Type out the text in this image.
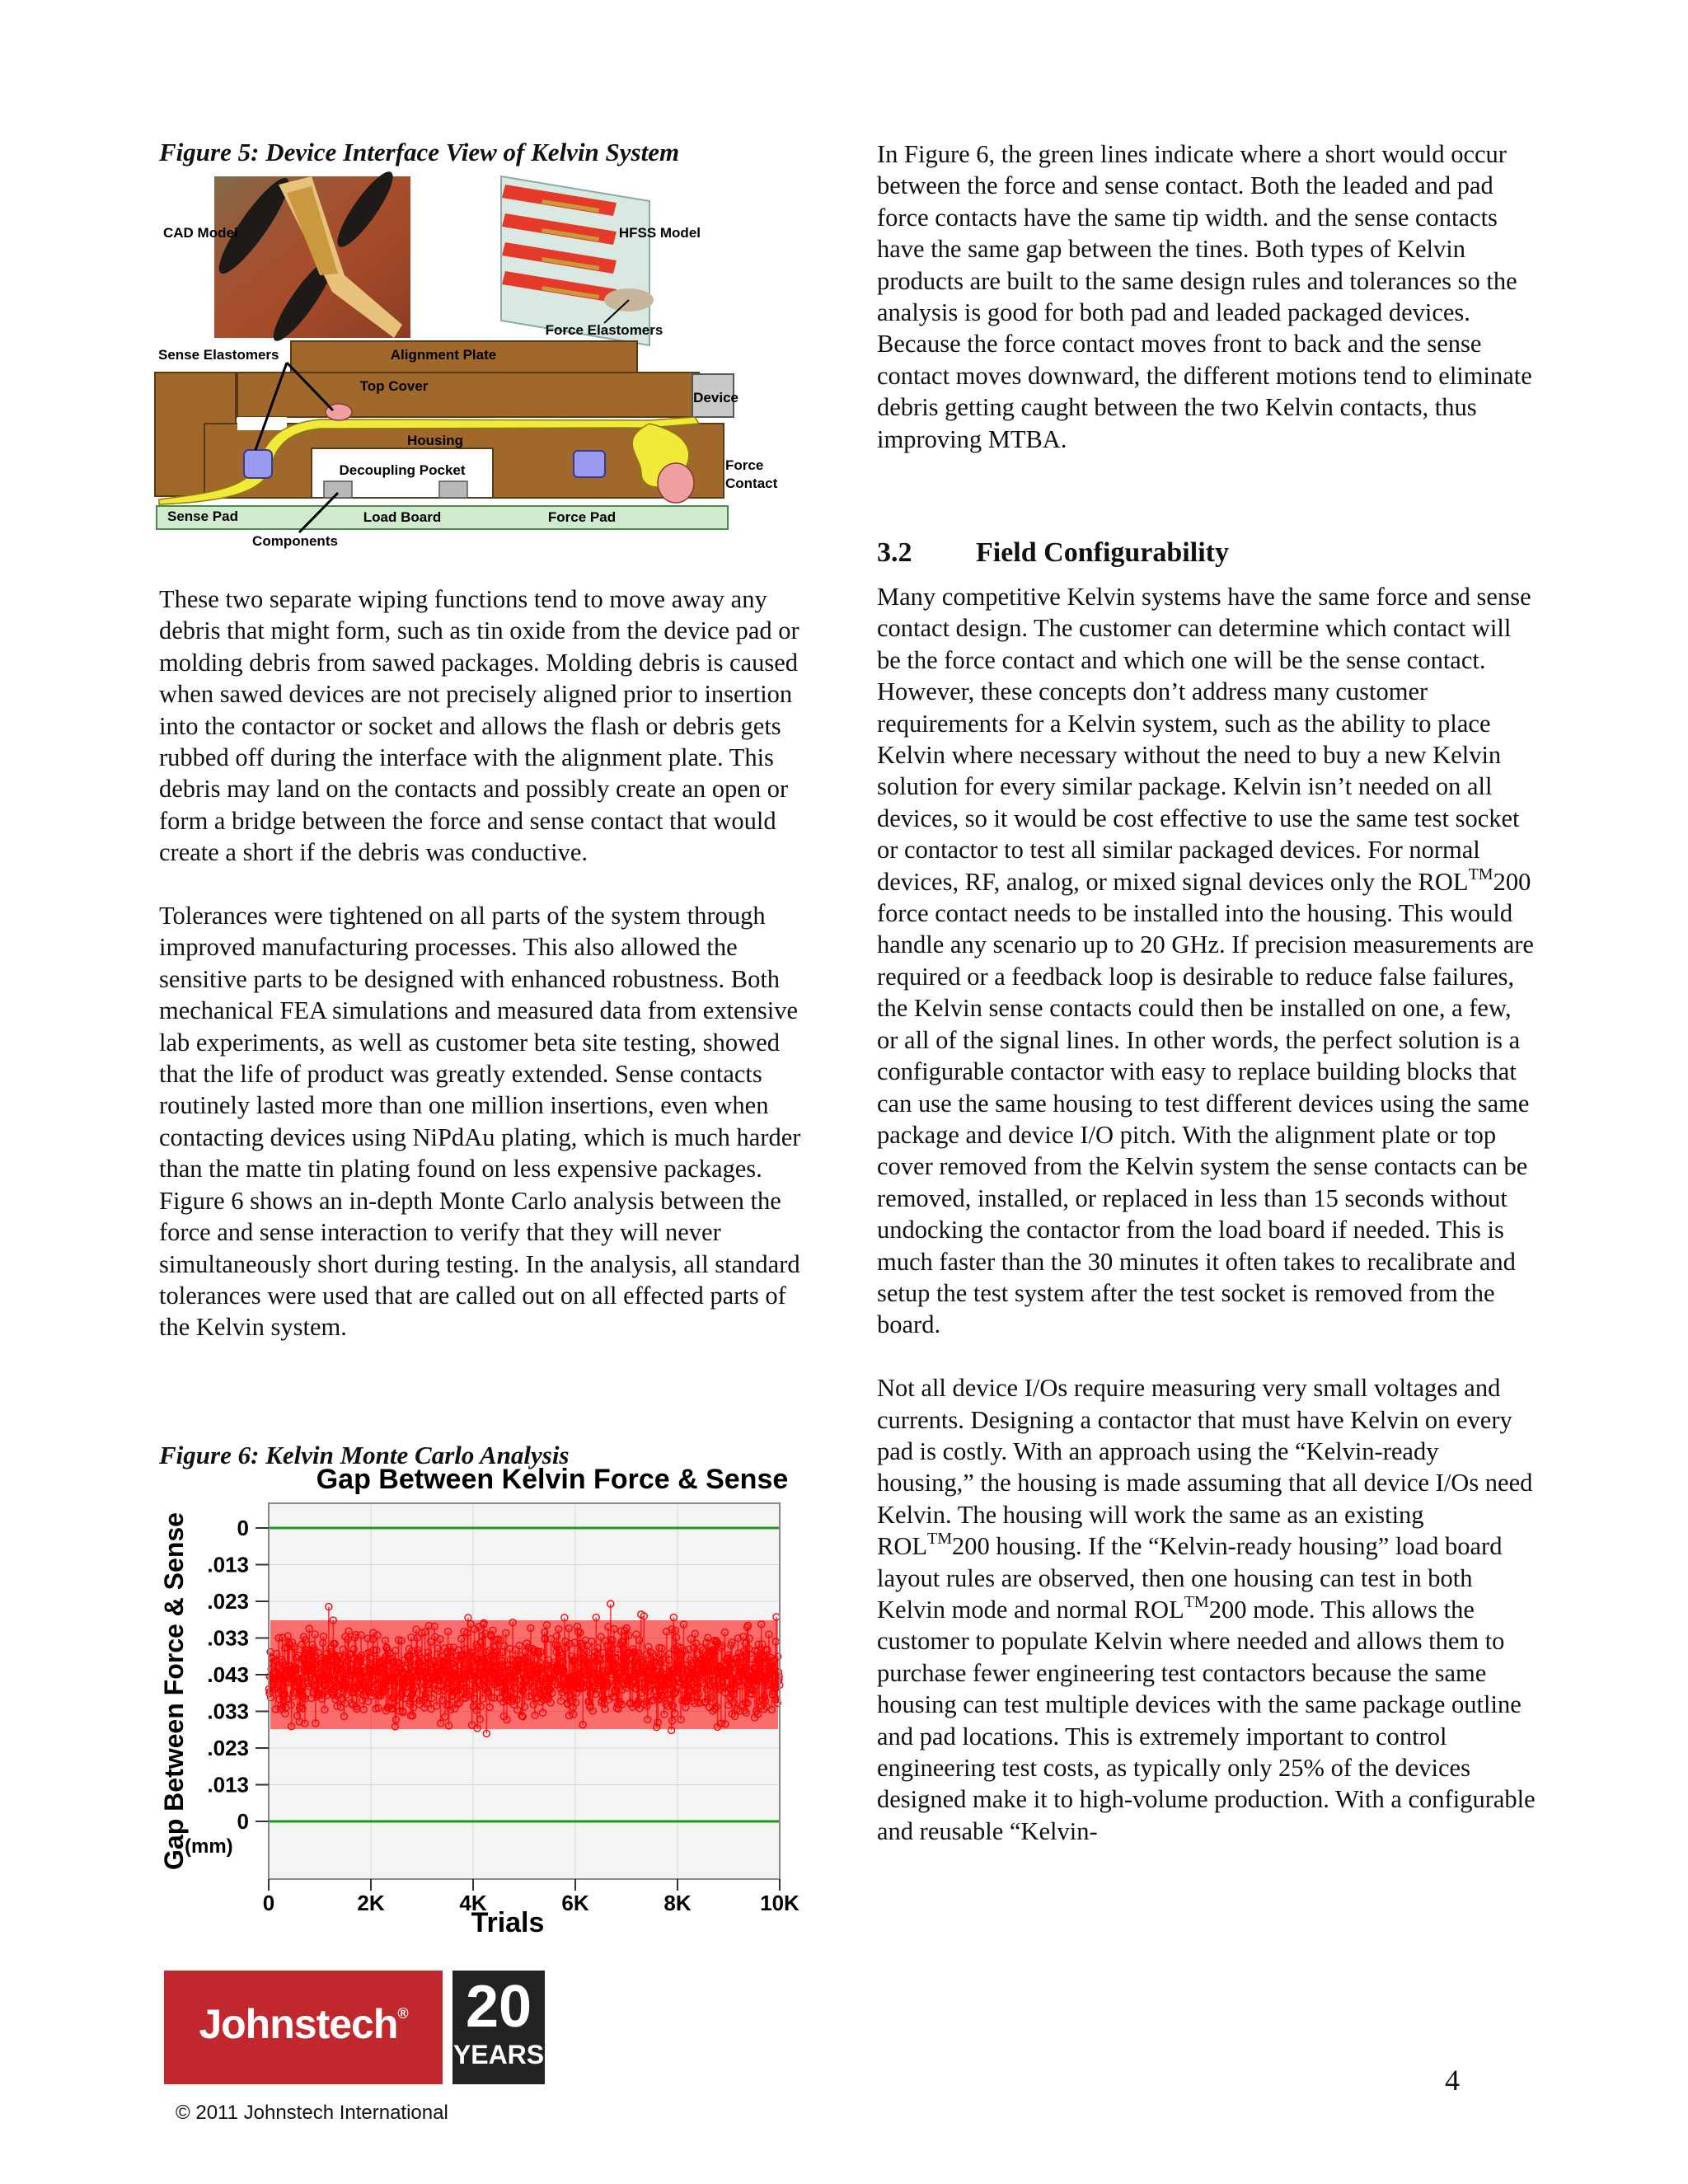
Figure 5: Device Interface View of Kelvin System
CAD Model	HFSS Model
Force Elastomers
Sense Elastomers	Alignment Plate
Top Cover
Device
Housing
Decoupling Pocket	Force Contact
Sense Pad	Load Board	Force Pad
Components

These two separate wiping functions tend to move away any debris that might form, such as tin oxide from the device pad or molding debris from sawed packages. Molding debris is caused when sawed devices are not precisely aligned prior to insertion into the contactor or socket and allows the flash or debris gets rubbed off during the interface with the alignment plate. This debris may land on the contacts and possibly create an open or form a bridge between the force and sense contact that would create a short if the debris was conductive.

Tolerances were tightened on all parts of the system through improved manufacturing processes. This also allowed the sensitive parts to be designed with enhanced robustness. Both mechanical FEA simulations and measured data from extensive lab experiments, as well as customer beta site testing, showed that the life of product was greatly extended. Sense contacts routinely lasted more than one million insertions, even when contacting devices using NiPdAu plating, which is much harder than the matte tin plating found on less expensive packages. Figure 6 shows an in-depth Monte Carlo analysis between the force and sense interaction to verify that they will never simultaneously short during testing. In the analysis, all standard tolerances were used that are called out on all effected parts of the Kelvin system.

Figure 6: Kelvin Monte Carlo Analysis
Gap Between Kelvin Force & Sense
0
.013
.023
.033
.043
.033
.023
.013
0
0	2K	4K	6K	8K	10K
Trials
Gap Between Force & Sense
(mm)

In Figure 6, the green lines indicate where a short would occur between the force and sense contact. Both the leaded and pad force contacts have the same tip width. and the sense contacts have the same gap between the tines. Both types of Kelvin products are built to the same design rules and tolerances so the analysis is good for both pad and leaded packaged devices. Because the force contact moves front to back and the sense contact moves downward, the different motions tend to eliminate debris getting caught between the two Kelvin contacts, thus improving MTBA.

3.2 Field Configurability

Many competitive Kelvin systems have the same force and sense contact design. The customer can determine which contact will be the force contact and which one will be the sense contact. However, these concepts don’t address many customer requirements for a Kelvin system, such as the ability to place Kelvin where necessary without the need to buy a new Kelvin solution for every similar package. Kelvin isn’t needed on all devices, so it would be cost effective to use the same test socket or contactor to test all similar packaged devices. For normal devices, RF, analog, or mixed signal devices only the ROL™200 force contact needs to be installed into the housing. This would handle any scenario up to 20 GHz. If precision measurements are required or a feedback loop is desirable to reduce false failures, the Kelvin sense contacts could then be installed on one, a few, or all of the signal lines. In other words, the perfect solution is a configurable contactor with easy to replace building blocks that can use the same housing to test different devices using the same package and device I/O pitch. With the alignment plate or top cover removed from the Kelvin system the sense contacts can be removed, installed, or replaced in less than 15 seconds without undocking the contactor from the load board if needed. This is much faster than the 30 minutes it often takes to recalibrate and setup the test system after the test socket is removed from the board.

Not all device I/Os require measuring very small voltages and currents. Designing a contactor that must have Kelvin on every pad is costly. With an approach using the “Kelvin-ready housing,” the housing is made assuming that all device I/Os need Kelvin. The housing will work the same as an existing ROL™200 housing. If the “Kelvin-ready housing” load board layout rules are observed, then one housing can test in both Kelvin mode and normal ROL™200 mode. This allows the customer to populate Kelvin where needed and allows them to purchase fewer engineering test contactors because the same housing can test multiple devices with the same package outline and pad locations. This is extremely important to control engineering test costs, as typically only 25% of the devices designed make it to high-volume production. With a configurable and reusable “Kelvin-

Johnstech® 20
YEARS
4
© 2011 Johnstech International
